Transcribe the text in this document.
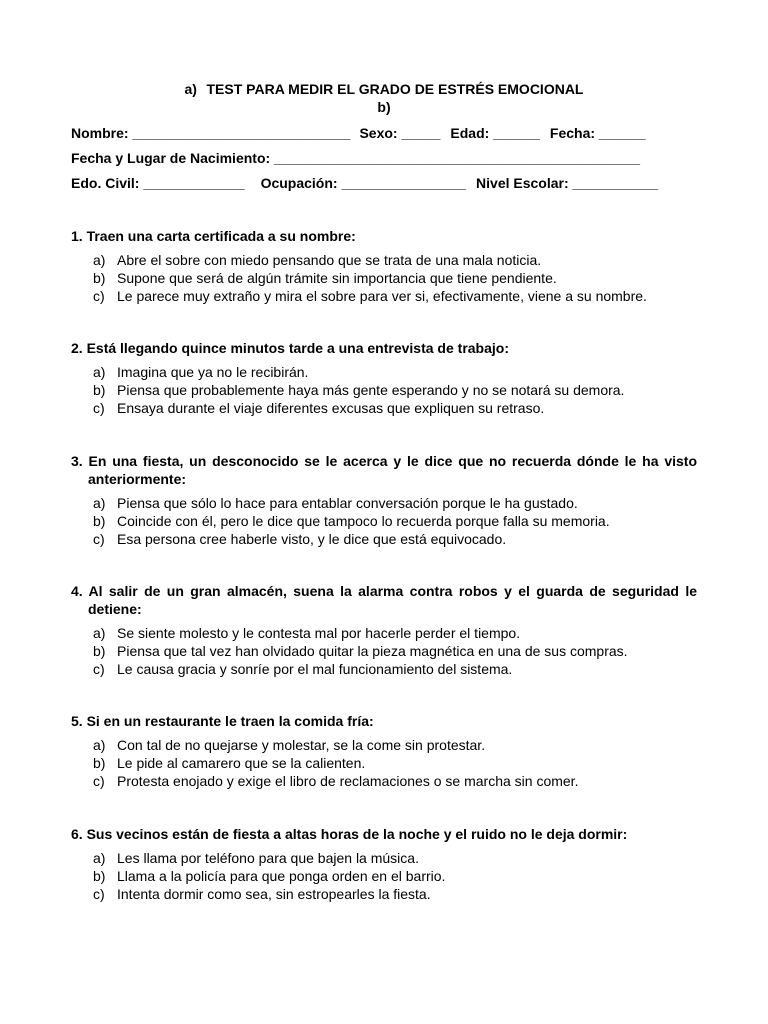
a) TEST PARA MEDIR EL GRADO DE ESTRÉS EMOCIONAL
b)
Nombre: ____________________________ Sexo: _____ Edad: ______ Fecha: ______
Fecha y Lugar de Nacimiento: _______________________________________________
Edo. Civil: _____________ Ocupación: ________________ Nivel Escolar: ___________
1. Traen una carta certificada a su nombre:
a) Abre el sobre con miedo pensando que se trata de una mala noticia.
b) Supone que será de algún trámite sin importancia que tiene pendiente.
c) Le parece muy extraño y mira el sobre para ver si, efectivamente, viene a su nombre.
2. Está llegando quince minutos tarde a una entrevista de trabajo:
a) Imagina que ya no le recibirán.
b) Piensa que probablemente haya más gente esperando y no se notará su demora.
c) Ensaya durante el viaje diferentes excusas que expliquen su retraso.
3. En una fiesta, un desconocido se le acerca y le dice que no recuerda dónde le ha visto anteriormente:
a) Piensa que sólo lo hace para entablar conversación porque le ha gustado.
b) Coincide con él, pero le dice que tampoco lo recuerda porque falla su memoria.
c) Esa persona cree haberle visto, y le dice que está equivocado.
4. Al salir de un gran almacén, suena la alarma contra robos y el guarda de seguridad le detiene:
a) Se siente molesto y le contesta mal por hacerle perder el tiempo.
b) Piensa que tal vez han olvidado quitar la pieza magnética en una de sus compras.
c) Le causa gracia y sonríe por el mal funcionamiento del sistema.
5. Si en un restaurante le traen la comida fría:
a) Con tal de no quejarse y molestar, se la come sin protestar.
b) Le pide al camarero que se la calienten.
c) Protesta enojado y exige el libro de reclamaciones o se marcha sin comer.
6. Sus vecinos están de fiesta a altas horas de la noche y el ruido no le deja dormir:
a) Les llama por teléfono para que bajen la música.
b) Llama a la policía para que ponga orden en el barrio.
c) Intenta dormir como sea, sin estropearles la fiesta.
